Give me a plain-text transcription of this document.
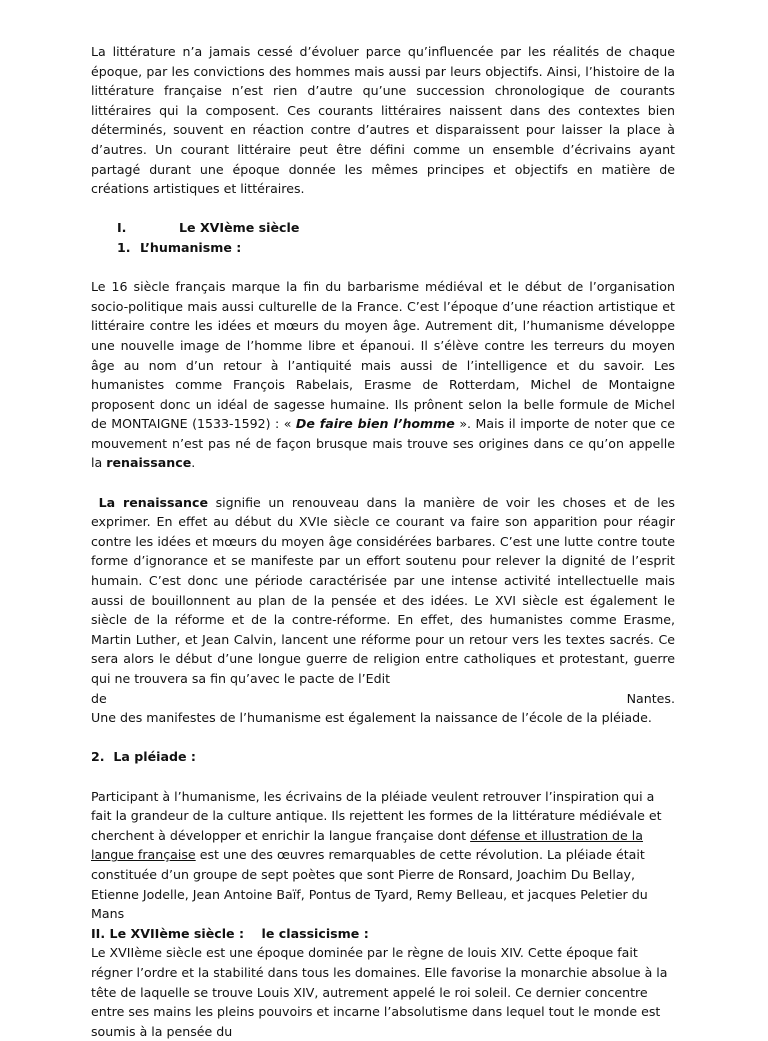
La littérature n’a jamais cessé d’évoluer parce qu’influencée par les réalités de chaque époque, par les convictions des hommes mais aussi par leurs objectifs. Ainsi, l’histoire de la littérature française n’est rien d’autre qu’une succession chronologique de courants littéraires qui la composent. Ces courants littéraires naissent dans des contextes bien déterminés, souvent en réaction contre d’autres et disparaissent pour laisser la place à d’autres. Un courant littéraire peut être défini comme un ensemble d’écrivains ayant partagé durant une époque donnée les mêmes principes et objectifs en matière de créations artistiques et littéraires.

I.	Le XVIème siècle
1. L’humanisme :

Le 16 siècle français marque la fin du barbarisme médiéval et le début de l’organisation socio-politique mais aussi culturelle de la France. C’est l’époque d’une réaction artistique et littéraire contre les idées et mœurs du moyen âge. Autrement dit, l’humanisme développe une nouvelle image de l’homme libre et épanoui. Il s’élève contre les terreurs du moyen âge au nom d’un retour à l’antiquité mais aussi de l’intelligence et du savoir. Les humanistes comme François Rabelais, Erasme de Rotterdam, Michel de Montaigne proposent donc un idéal de sagesse humaine. Ils prônent selon la belle formule de Michel de MONTAIGNE (1533-1592) : « De faire bien l’homme ». Mais il importe de noter que ce mouvement n’est pas né de façon brusque mais trouve ses origines dans ce qu’on appelle la renaissance.

La renaissance signifie un renouveau dans la manière de voir les choses et de les exprimer. En effet au début du XVIe siècle ce courant va faire son apparition pour réagir contre les idées et mœurs du moyen âge considérées barbares. C’est une lutte contre toute forme d’ignorance et se manifeste par un effort soutenu pour relever la dignité de l’esprit humain. C’est donc une période caractérisée par une intense activité intellectuelle mais aussi de bouillonnent au plan de la pensée et des idées. Le XVI siècle est également le siècle de la réforme et de la contre-réforme. En effet, des humanistes comme Erasme, Martin Luther, et Jean Calvin, lancent une réforme pour un retour vers les textes sacrés. Ce sera alors le début d’une longue guerre de religion entre catholiques et protestant, guerre qui ne trouvera sa fin qu’avec le pacte de l’Edit

de	Nantes.

Une des manifestes de l’humanisme est également la naissance de l’école de la pléiade.

2. La pléiade :

Participant à l’humanisme, les écrivains de la pléiade veulent retrouver l’inspiration qui a fait la grandeur de la culture antique. Ils rejettent les formes de la littérature médiévale et cherchent à développer et enrichir la langue française dont défense et illustration de la langue française est une des œuvres remarquables de cette révolution. La pléiade était constituée d’un groupe de sept poètes que sont Pierre de Ronsard, Joachim Du Bellay, Etienne Jodelle, Jean Antoine Baïf, Pontus de Tyard, Remy Belleau, et jacques Peletier du Mans

II. Le XVIIème siècle :    le classicisme :

Le XVIIème siècle est une époque dominée par le règne de louis XIV. Cette époque fait régner l’ordre et la stabilité dans tous les domaines. Elle favorise la monarchie absolue à la tête de laquelle se trouve Louis XIV, autrement appelé le roi soleil. Ce dernier concentre entre ses mains les pleins pouvoirs et incarne l’absolutisme dans lequel tout le monde est soumis à la pensée du
